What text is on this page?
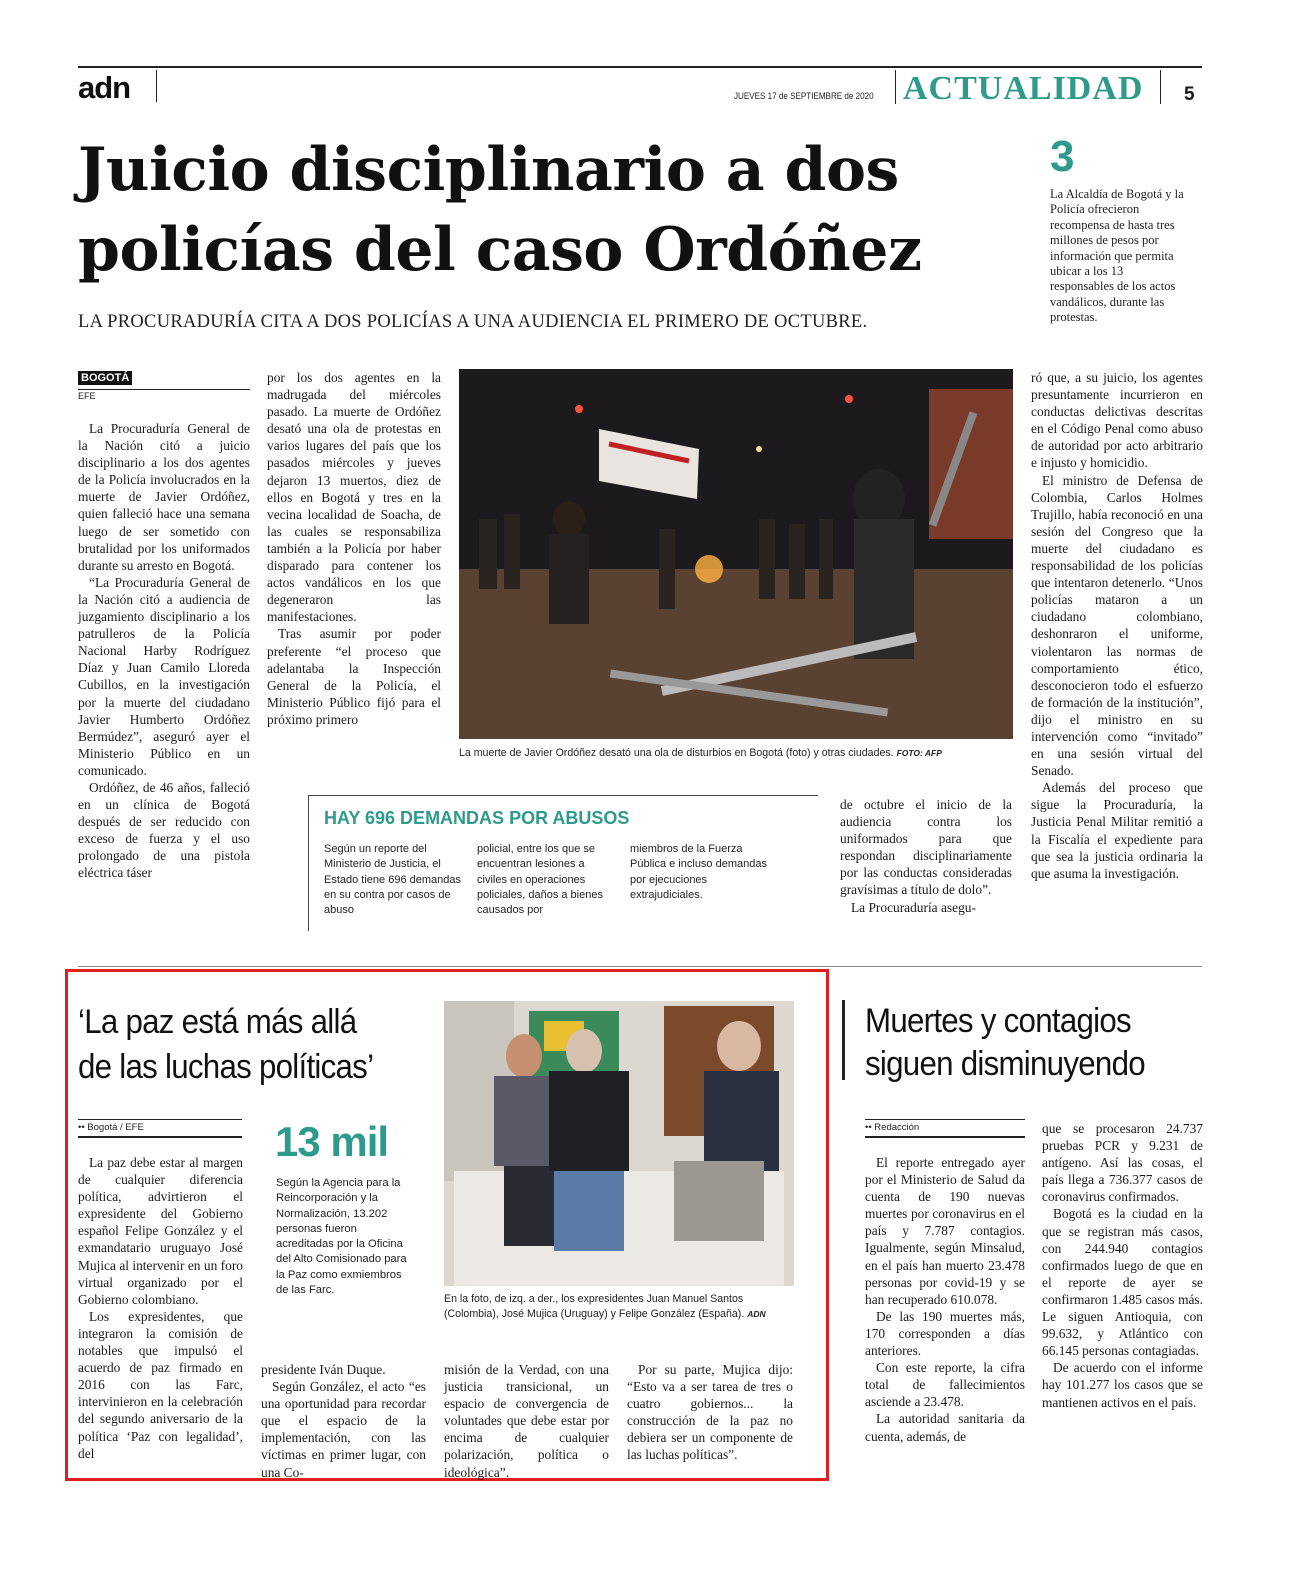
adn	JUEVES 17 de SEPTIEMBRE de 2020 ACTUALIDAD 5
Juicio disciplinario a dos
policías del caso Ordóñez
LA PROCURADURÍA CITA A DOS POLICÍAS A UNA AUDIENCIA EL PRIMERO DE OCTUBRE.
3
La Alcaldía de Bogotá y la Policía ofrecieron recompensa de hasta tres millones de pesos por información que permita ubicar a los 13 responsables de los actos vandálicos, durante las protestas.
BOGOTÁ
EFE

La Procuraduría General de la Nación citó a juicio disciplinario a los dos agentes de la Policía involucrados en la muerte de Javier Ordóñez, quien falleció hace una semana luego de ser sometido con brutalidad por los uniformados durante su arresto en Bogotá.

“La Procuraduría General de la Nación citó a audiencia de juzgamiento disciplinario a los patrulleros de la Policía Nacional Harby Rodríguez Díaz y Juan Camilo Lloreda Cubillos, en la investigación por la muerte del ciudadano Javier Humberto Ordóñez Bermúdez”, aseguró ayer el Ministerio Público en un comunicado.

Ordóñez, de 46 años, falleció en un clínica de Bogotá después de ser reducido con exceso de fuerza y el uso prolongado de una pistola eléctrica táser

por los dos agentes en la madrugada del miércoles pasado. La muerte de Ordóñez desató una ola de protestas en varios lugares del país que los pasados miércoles y jueves dejaron 13 muertos, diez de ellos en Bogotá y tres en la vecina localidad de Soacha, de las cuales se responsabiliza también a la Policía por haber disparado para contener los actos vandálicos en los que degeneraron las manifestaciones.

Tras asumir por poder preferente “el proceso que adelantaba la Inspección General de la Policía, el Ministerio Público fijó para el próximo primero

La muerte de Javier Ordóñez desató una ola de disturbios en Bogotá (foto) y otras ciudades. FOTO: AFP

ró que, a su juicio, los agentes presuntamente incurrieron en conductas delictivas descritas en el Código Penal como abuso de autoridad por acto arbitrario e injusto y homicidio.

El ministro de Defensa de Colombia, Carlos Holmes Trujillo, había reconoció en una sesión del Congreso que la muerte del ciudadano es responsabilidad de los policías que intentaron detenerlo. “Unos policías mataron a un ciudadano colombiano, deshonraron el uniforme, violentaron las normas de comportamiento ético, desconocieron todo el esfuerzo de formación de la institución”, dijo el ministro en su intervención como “invitado” en una sesión virtual del Senado.

Además del proceso que sigue la Procuraduría, la Justicia Penal Militar remitió a la Fiscalía el expediente para que sea la justicia ordinaria la que asuma la investigación.

HAY 696 DEMANDAS POR ABUSOS
Según un reporte del Ministerio de Justicia, el Estado tiene 696 demandas en su contra por casos de abuso
policial, entre los que se encuentran lesiones a civiles en operaciones policiales, daños a bienes causados por
miembros de la Fuerza Pública e incluso demandas por ejecuciones extrajudiciales.

de octubre el inicio de la audiencia contra los uniformados para que respondan disciplinariamente por las conductas consideradas gravísimas a título de dolo”.

La Procuraduría asegu-

‘La paz está más allá
de las luchas políticas’
•• Bogotá / EFE

La paz debe estar al margen de cualquier diferencia política, advirtieron el expresidente del Gobierno español Felipe González y el exmandatario uruguayo José Mujica al intervenir en un foro virtual organizado por el Gobierno colombiano.

Los expresidentes, que integraron la comisión de notables que impulsó el acuerdo de paz firmado en 2016 con las Farc, intervinieron en la celebración del segundo aniversario de la política ‘Paz con legalidad’, del

13 mil
Según la Agencia para la Reincorporación y la Normalización, 13.202 personas fueron acreditadas por la Oficina del Alto Comisionado para la Paz como exmiembros de las Farc.
En la foto, de izq. a der., los expresidentes Juan Manuel Santos (Colombia), José Mujica (Uruguay) y Felipe González (España). ADN

presidente Iván Duque.

Según González, el acto “es una oportunidad para recordar que el espacio de la implementación, con las víctimas en primer lugar, con una Co-

misión de la Verdad, con una justicia transicional, un espacio de convergencia de voluntades que debe estar por encima de cualquier polarización, política o ideológica”.

Por su parte, Mujica dijo: “Esto va a ser tarea de tres o cuatro gobiernos... la construcción de la paz no debiera ser un componente de las luchas políticas”.

Muertes y contagios
siguen disminuyendo
•• Redacción

El reporte entregado ayer por el Ministerio de Salud da cuenta de 190 nuevas muertes por coronavirus en el país y 7.787 contagios. Igualmente, según Minsalud, en el país han muerto 23.478 personas por covid-19 y se han recuperado 610.078.

De las 190 muertes más, 170 corresponden a días anteriores.

Con este reporte, la cifra total de fallecimientos asciende a 23.478.

La autoridad sanitaria da cuenta, además, de

que se procesaron 24.737 pruebas PCR y 9.231 de antígeno. Así las cosas, el país llega a 736.377 casos de coronavirus confirmados.

Bogotá es la ciudad en la que se registran más casos, con 244.940 contagios confirmados luego de que en el reporte de ayer se confirmaron 1.485 casos más. Le siguen Antioquia, con 99.632, y Atlántico con 66.145 personas contagiadas.

De acuerdo con el informe hay 101.277 los casos que se mantienen activos en el país.
